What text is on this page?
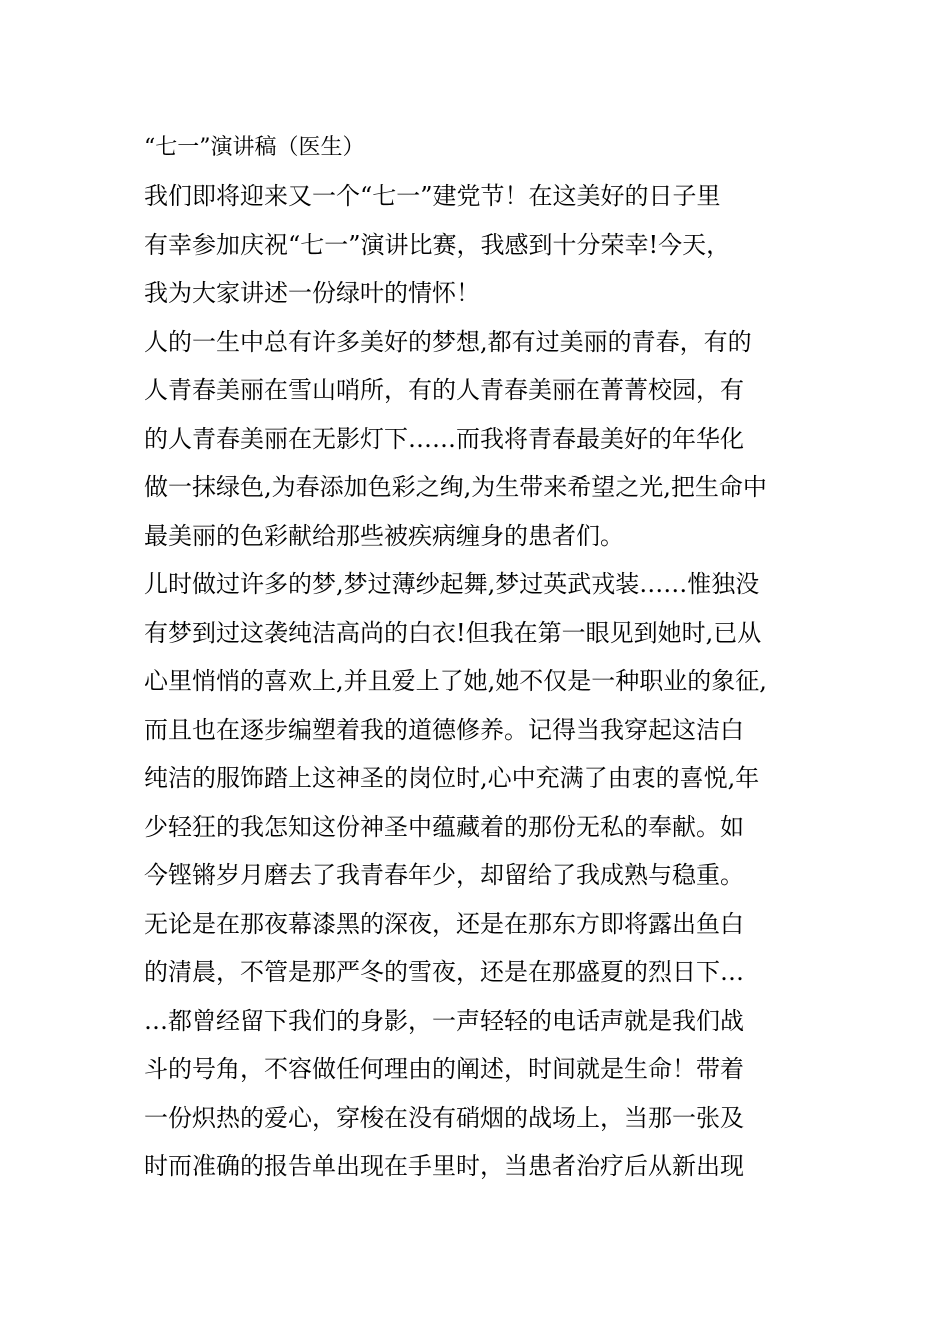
“七一”演讲稿（医生）
我们即将迎来又一个“七一”建党节！在这美好的日子里
有幸参加庆祝“七一”演讲比赛，我感到十分荣幸!今天，
我为大家讲述一份绿叶的情怀！
人的一生中总有许多美好的梦想,都有过美丽的青春，有的
人青春美丽在雪山哨所，有的人青春美丽在菁菁校园，有
的人青春美丽在无影灯下……而我将青春最美好的年华化
做一抹绿色,为春添加色彩之绚,为生带来希望之光,把生命中
最美丽的色彩献给那些被疾病缠身的患者们。
儿时做过许多的梦,梦过薄纱起舞,梦过英武戎装……惟独没
有梦到过这袭纯洁高尚的白衣!但我在第一眼见到她时,已从
心里悄悄的喜欢上,并且爱上了她,她不仅是一种职业的象征,
而且也在逐步编塑着我的道德修养。记得当我穿起这洁白
纯洁的服饰踏上这神圣的岗位时,心中充满了由衷的喜悦,年
少轻狂的我怎知这份神圣中蕴藏着的那份无私的奉献。如
今铿锵岁月磨去了我青春年少，却留给了我成熟与稳重。
无论是在那夜幕漆黑的深夜，还是在那东方即将露出鱼白
的清晨，不管是那严冬的雪夜，还是在那盛夏的烈日下…
…都曾经留下我们的身影，一声轻轻的电话声就是我们战
斗的号角，不容做任何理由的阐述，时间就是生命！带着
一份炽热的爱心，穿梭在没有硝烟的战场上，当那一张及
时而准确的报告单出现在手里时，当患者治疗后从新出现
